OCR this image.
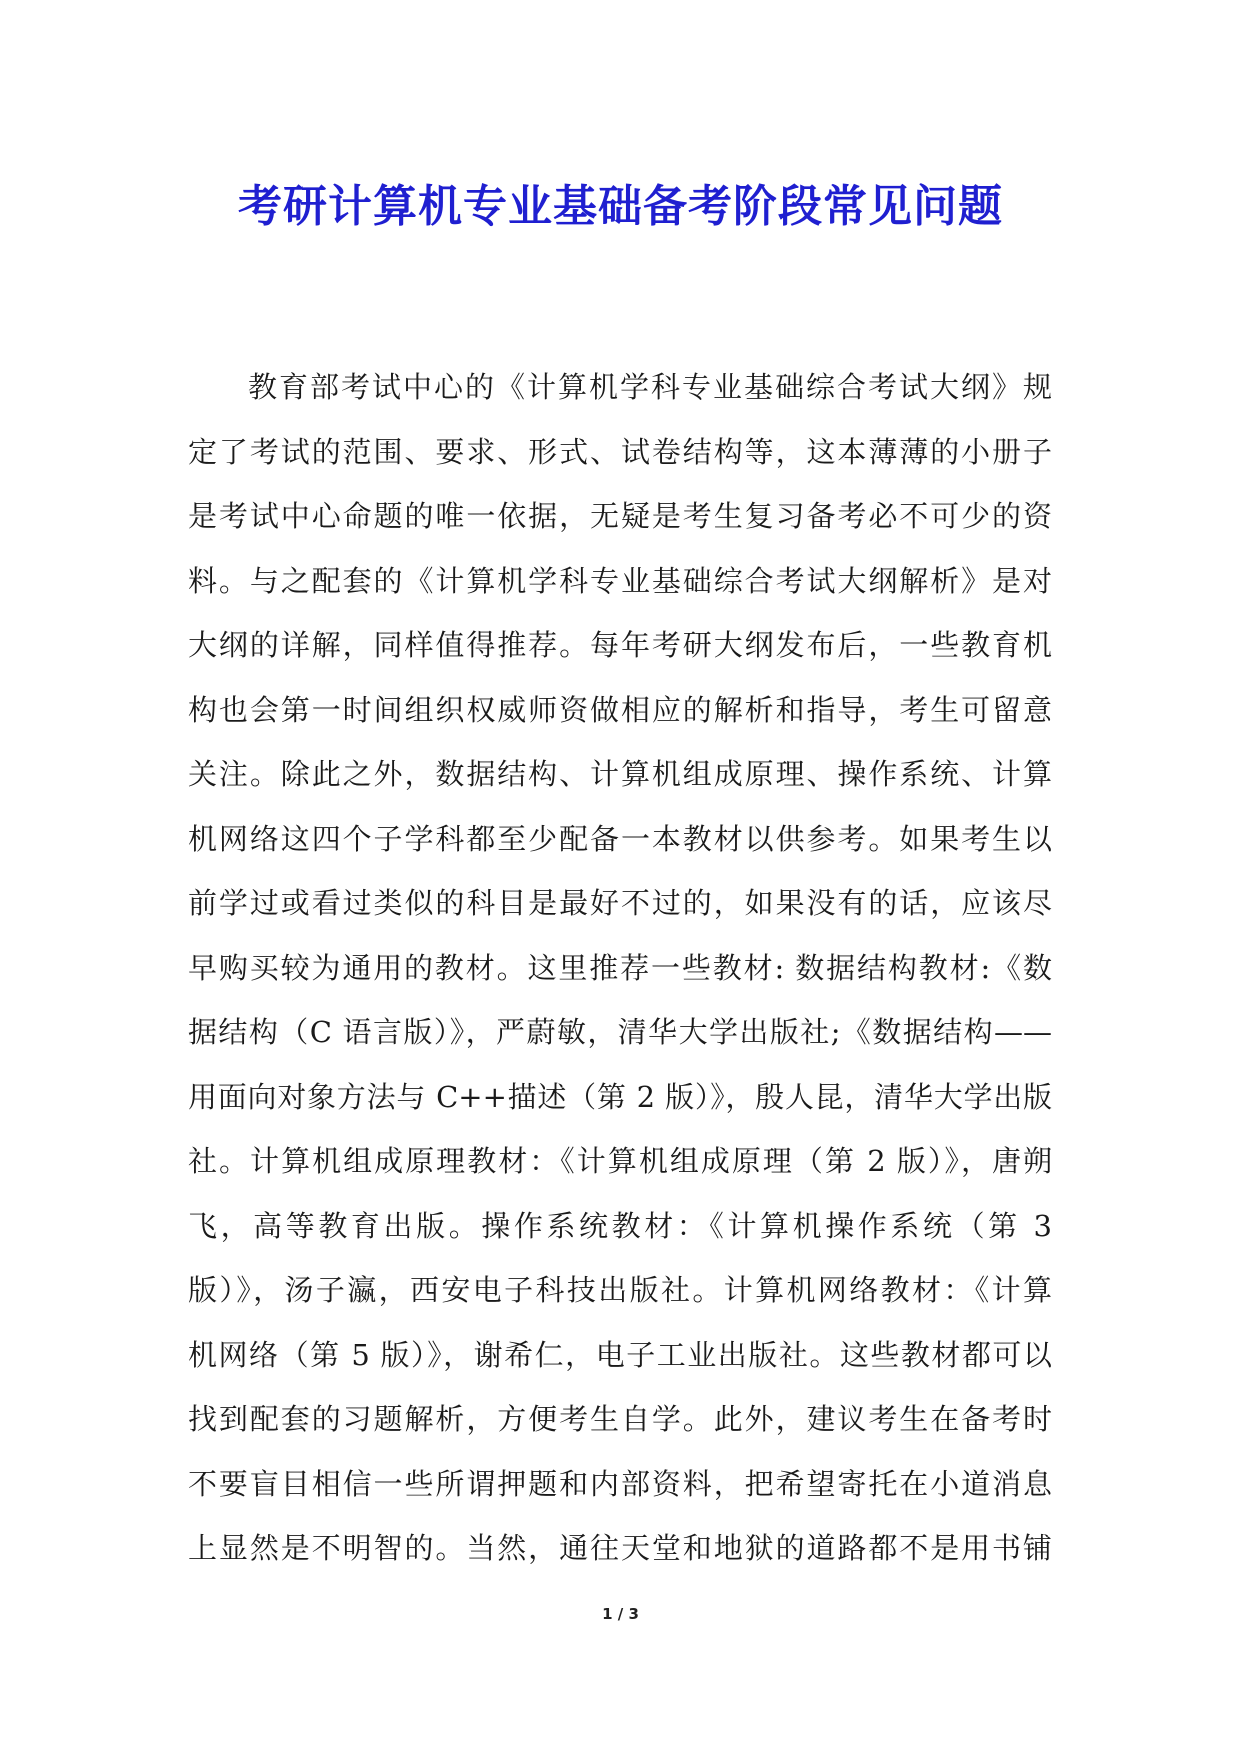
考研计算机专业基础备考阶段常见问题
教育部考试中心的《计算机学科专业基础综合考试大纲》规
定了考试的范围、要求、形式、试卷结构等，这本薄薄的小册子
是考试中心命题的唯一依据，无疑是考生复习备考必不可少的资
料。与之配套的《计算机学科专业基础综合考试大纲解析》是对
大纲的详解，同样值得推荐。每年考研大纲发布后，一些教育机
构也会第一时间组织权威师资做相应的解析和指导，考生可留意
关注。除此之外，数据结构、计算机组成原理、操作系统、计算
机网络这四个子学科都至少配备一本教材以供参考。如果考生以
前学过或看过类似的科目是最好不过的，如果没有的话，应该尽
早购买较为通用的教材。这里推荐一些教材: 数据结构教材:《数
据结构（C 语言版）》，严蔚敏，清华大学出版社;《数据结构——
用面向对象方法与 C++描述（第 2 版）》，殷人昆，清华大学出版
社。计算机组成原理教材：《计算机组成原理（第 2 版）》，唐朔
飞，高等教育出版。操作系统教材：《计算机操作系统（第 3
版）》，汤子瀛，西安电子科技出版社。计算机网络教材：《计算
机网络（第 5 版）》，谢希仁，电子工业出版社。这些教材都可以
找到配套的习题解析，方便考生自学。此外，建议考生在备考时
不要盲目相信一些所谓押题和内部资料，把希望寄托在小道消息
上显然是不明智的。当然，通往天堂和地狱的道路都不是用书铺
1 / 3
